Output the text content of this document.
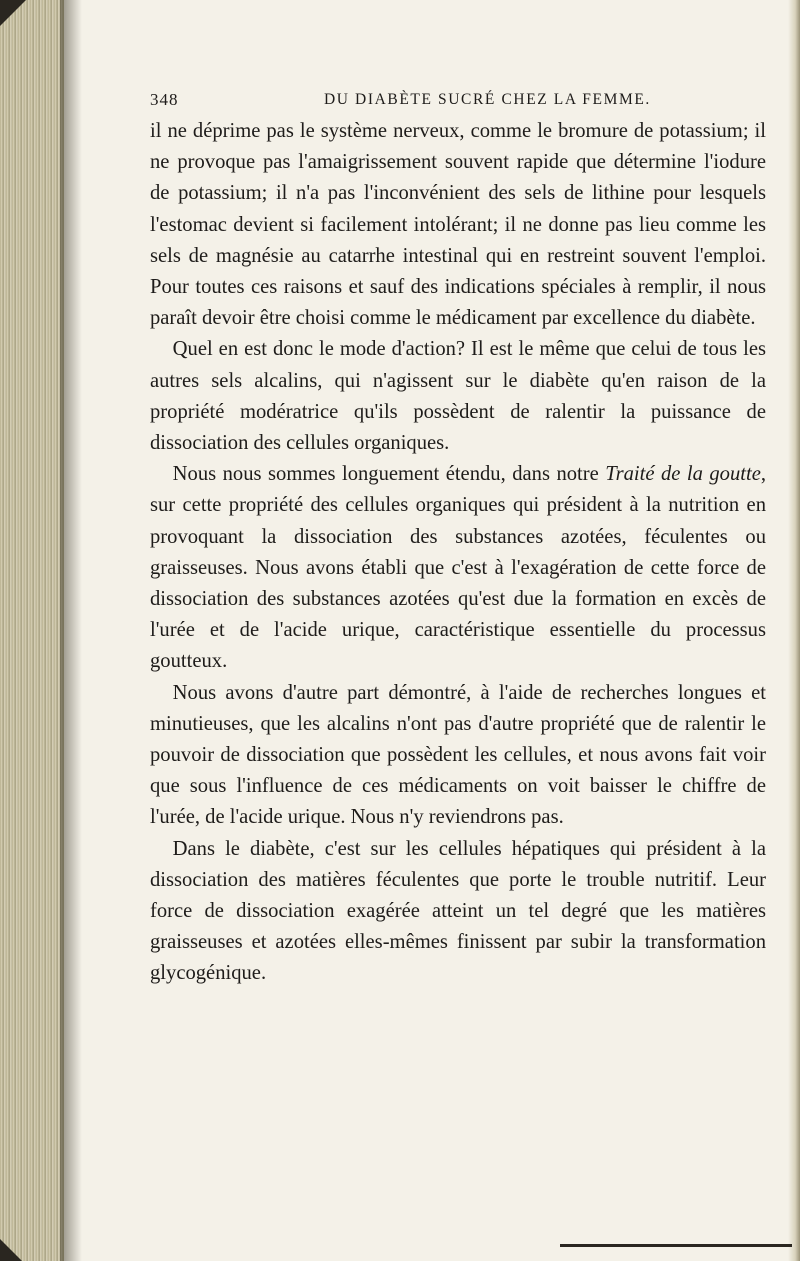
348	DU DIABÈTE SUCRÉ CHEZ LA FEMME.

il ne déprime pas le système nerveux, comme le bromure de potassium; il ne provoque pas l'amaigrissement souvent rapide que détermine l'iodure de potassium; il n'a pas l'inconvénient des sels de lithine pour lesquels l'estomac devient si facilement intolérant; il ne donne pas lieu comme les sels de magnésie au catarrhe intestinal qui en restreint souvent l'emploi. Pour toutes ces raisons et sauf des indications spéciales à remplir, il nous paraît devoir être choisi comme le médicament par excellence du diabète.

Quel en est donc le mode d'action? Il est le même que celui de tous les autres sels alcalins, qui n'agissent sur le diabète qu'en raison de la propriété modératrice qu'ils possèdent de ralentir la puissance de dissociation des cellules organiques.

Nous nous sommes longuement étendu, dans notre Traité de la goutte, sur cette propriété des cellules organiques qui président à la nutrition en provoquant la dissociation des substances azotées, féculentes ou graisseuses. Nous avons établi que c'est à l'exagération de cette force de dissociation des substances azotées qu'est due la formation en excès de l'urée et de l'acide urique, caractéristique essentielle du processus goutteux.

Nous avons d'autre part démontré, à l'aide de recherches longues et minutieuses, que les alcalins n'ont pas d'autre propriété que de ralentir le pouvoir de dissociation que possèdent les cellules, et nous avons fait voir que sous l'influence de ces médicaments on voit baisser le chiffre de l'urée, de l'acide urique. Nous n'y reviendrons pas.

Dans le diabète, c'est sur les cellules hépatiques qui président à la dissociation des matières féculentes que porte le trouble nutritif. Leur force de dissociation exagérée atteint un tel degré que les matières graisseuses et azotées elles-mêmes finissent par subir la transformation glycogénique.
